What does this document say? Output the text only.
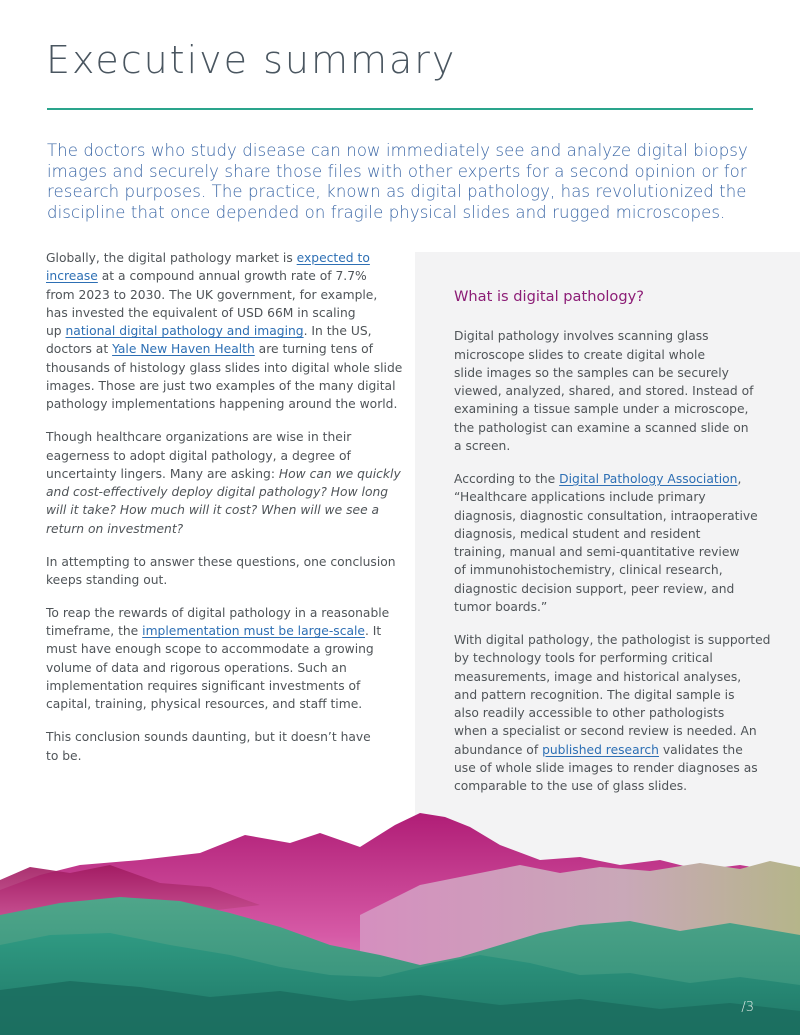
Executive summary
The doctors who study disease can now immediately see and analyze digital biopsy
images and securely share those files with other experts for a second opinion or for
research purposes. The practice, known as digital pathology, has revolutionized the
discipline that once depended on fragile physical slides and rugged microscopes.

Globally, the digital pathology market is expected to
increase at a compound annual growth rate of 7.7%
from 2023 to 2030. The UK government, for example,
has invested the equivalent of USD 66M in scaling
up national digital pathology and imaging. In the US,
doctors at Yale New Haven Health are turning tens of
thousands of histology glass slides into digital whole slide
images. Those are just two examples of the many digital
pathology implementations happening around the world.

Though healthcare organizations are wise in their
eagerness to adopt digital pathology, a degree of
uncertainty lingers. Many are asking: How can we quickly
and cost-effectively deploy digital pathology? How long
will it take? How much will it cost? When will we see a
return on investment?

In attempting to answer these questions, one conclusion
keeps standing out.

To reap the rewards of digital pathology in a reasonable
timeframe, the implementation must be large-scale. It
must have enough scope to accommodate a growing
volume of data and rigorous operations. Such an
implementation requires significant investments of
capital, training, physical resources, and staff time.

This conclusion sounds daunting, but it doesn’t have
to be.

What is digital pathology?

Digital pathology involves scanning glass
microscope slides to create digital whole
slide images so the samples can be securely
viewed, analyzed, shared, and stored. Instead of
examining a tissue sample under a microscope,
the pathologist can examine a scanned slide on
a screen.

According to the Digital Pathology Association,
“Healthcare applications include primary
diagnosis, diagnostic consultation, intraoperative
diagnosis, medical student and resident
training, manual and semi-quantitative review
of immunohistochemistry, clinical research,
diagnostic decision support, peer review, and
tumor boards.”

With digital pathology, the pathologist is supported
by technology tools for performing critical
measurements, image and historical analyses,
and pattern recognition. The digital sample is
also readily accessible to other pathologists
when a specialist or second review is needed. An
abundance of published research validates the
use of whole slide images to render diagnoses as
comparable to the use of glass slides.

/3
